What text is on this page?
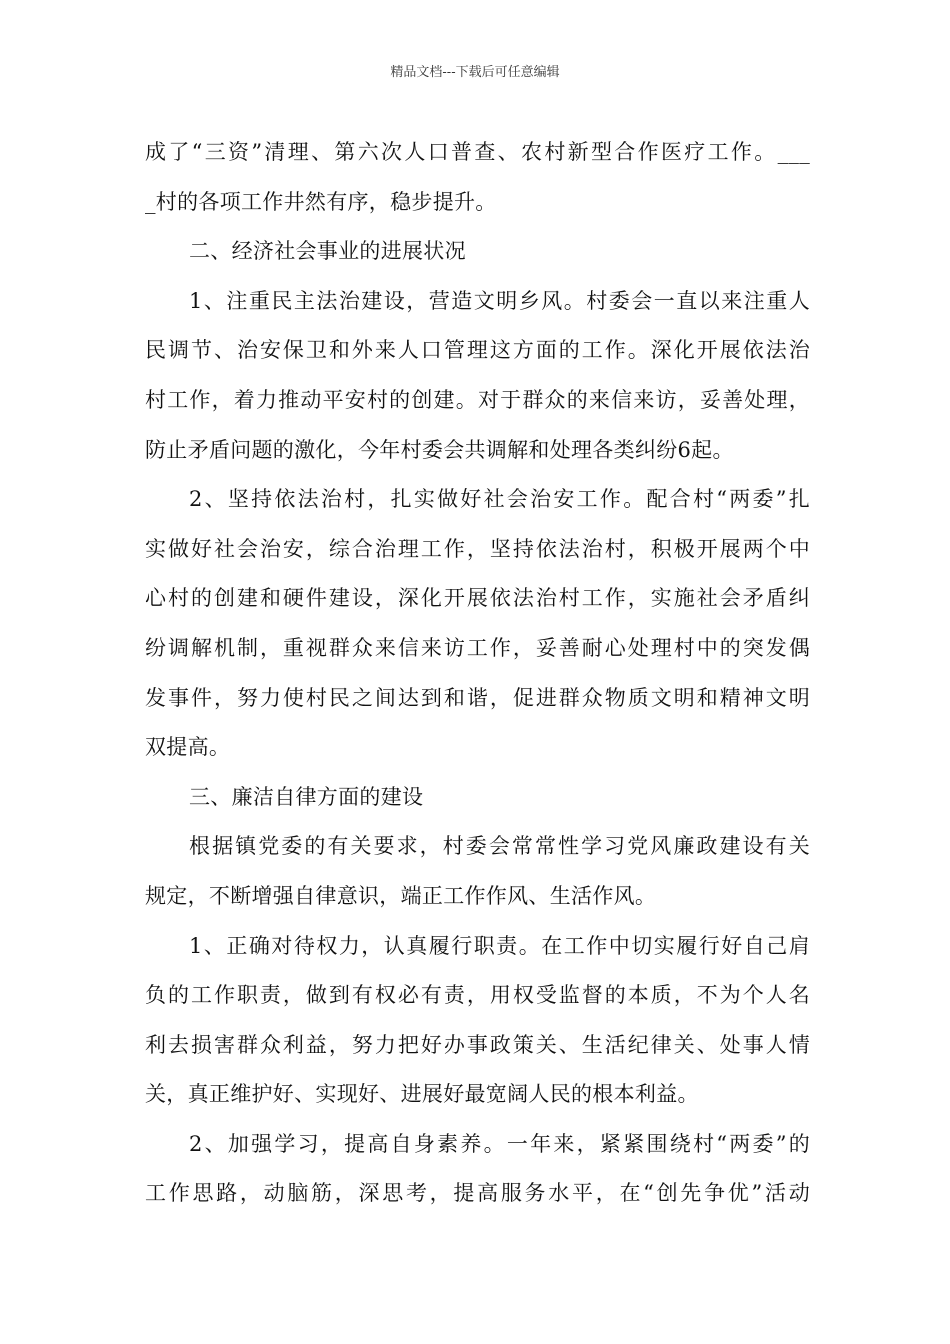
精品文档---下载后可任意编辑
成了“三资”清理、第六次人口普查、农村新型合作医疗工作。___
_村的各项工作井然有序，稳步提升。
二、经济社会事业的进展状况
1、注重民主法治建设，营造文明乡风。村委会一直以来注重人
民调节、治安保卫和外来人口管理这方面的工作。深化开展依法治
村工作，着力推动平安村的创建。对于群众的来信来访，妥善处理，
防止矛盾问题的激化，今年村委会共调解和处理各类纠纷6起。
2、坚持依法治村，扎实做好社会治安工作。配合村“两委”扎
实做好社会治安，综合治理工作，坚持依法治村，积极开展两个中
心村的创建和硬件建设，深化开展依法治村工作，实施社会矛盾纠
纷调解机制，重视群众来信来访工作，妥善耐心处理村中的突发偶
发事件，努力使村民之间达到和谐，促进群众物质文明和精神文明
双提高。
三、廉洁自律方面的建设
根据镇党委的有关要求，村委会常常性学习党风廉政建设有关
规定，不断增强自律意识，端正工作作风、生活作风。
1、正确对待权力，认真履行职责。在工作中切实履行好自己肩
负的工作职责，做到有权必有责，用权受监督的本质，不为个人名
利去损害群众利益，努力把好办事政策关、生活纪律关、处事人情
关，真正维护好、实现好、进展好最宽阔人民的根本利益。
2、加强学习，提高自身素养。一年来，紧紧围绕村“两委”的
工作思路，动脑筋，深思考，提高服务水平，在“创先争优”活动
